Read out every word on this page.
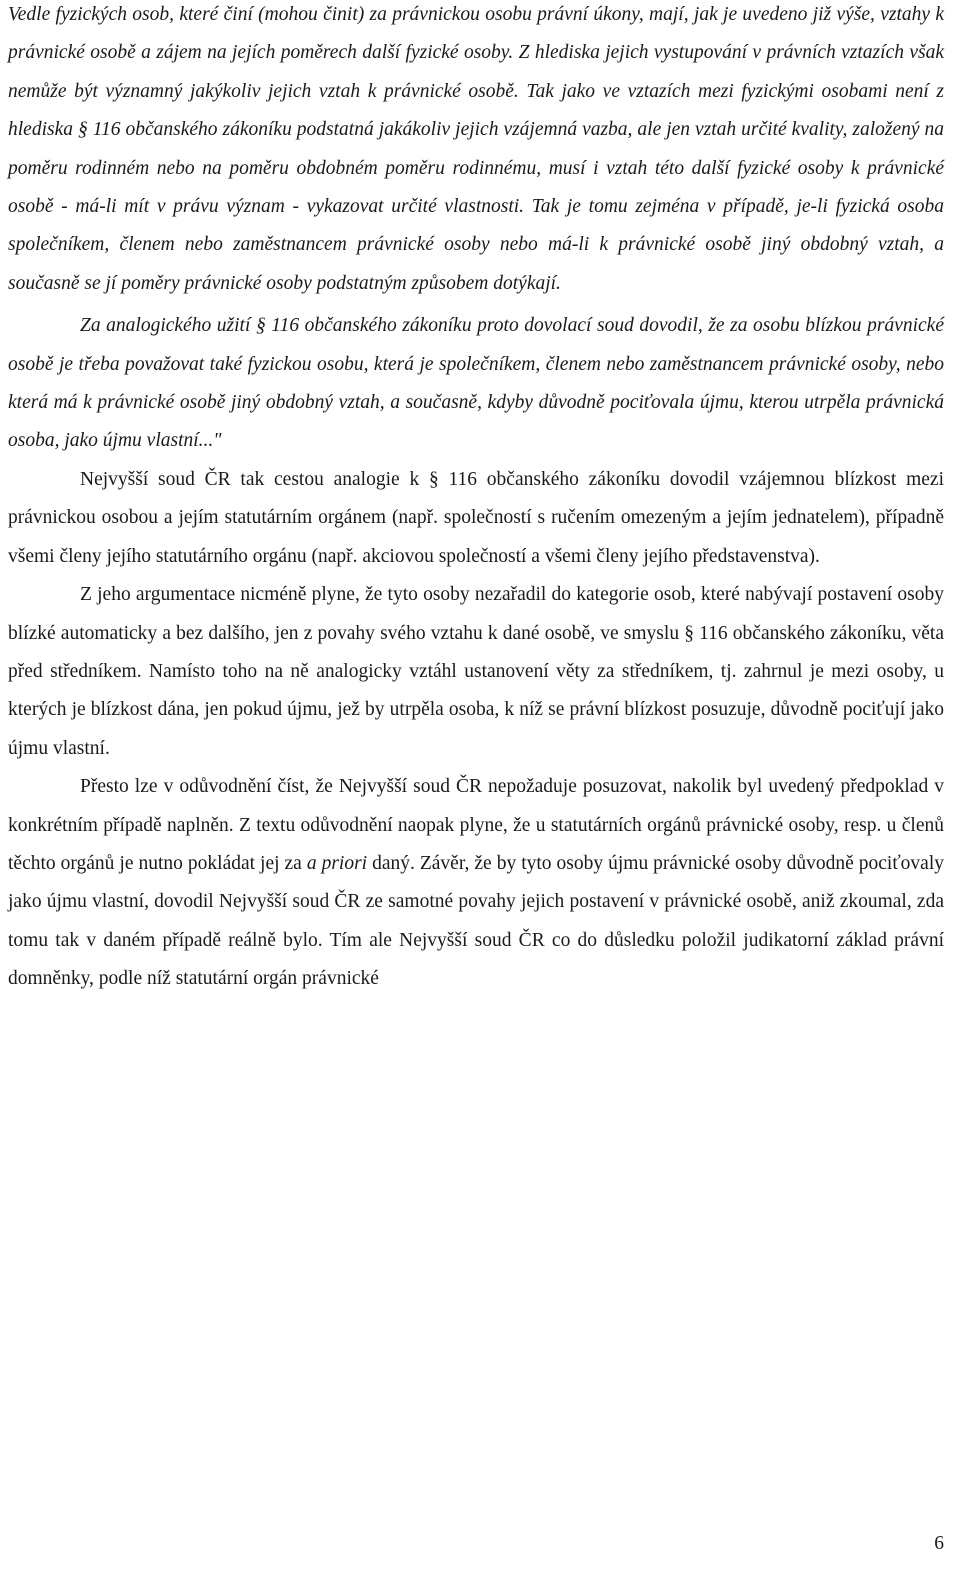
Vedle fyzických osob, které činí (mohou činit) za právnickou osobu právní úkony, mají, jak je uvedeno již výše, vztahy k právnické osobě a zájem na jejích poměrech další fyzické osoby. Z hlediska jejich vystupování v právních vztazích však nemůže být významný jakýkoliv jejich vztah k právnické osobě. Tak jako ve vztazích mezi fyzickými osobami není z hlediska § 116 občanského zákoníku podstatná jakákoliv jejich vzájemná vazba, ale jen vztah určité kvality, založený na poměru rodinném nebo na poměru obdobném poměru rodinnému, musí i vztah této další fyzické osoby k právnické osobě - má-li mít v právu význam - vykazovat určité vlastnosti. Tak je tomu zejména v případě, je-li fyzická osoba společníkem, členem nebo zaměstnancem právnické osoby nebo má-li k právnické osobě jiný obdobný vztah, a současně se jí poměry právnické osoby podstatným způsobem dotýkají.

Za analogického užití § 116 občanského zákoníku proto dovolací soud dovodil, že za osobu blízkou právnické osobě je třeba považovat také fyzickou osobu, která je společníkem, členem nebo zaměstnancem právnické osoby, nebo která má k právnické osobě jiný obdobný vztah, a současně, kdyby důvodně pociťovala újmu, kterou utrpěla právnická osoba, jako újmu vlastní..."

Nejvyšší soud ČR tak cestou analogie k § 116 občanského zákoníku dovodil vzájemnou blízkost mezi právnickou osobou a jejím statutárním orgánem (např. společností s ručením omezeným a jejím jednatelem), případně všemi členy jejího statutárního orgánu (např. akciovou společností a všemi členy jejího představenstva).

Z jeho argumentace nicméně plyne, že tyto osoby nezařadil do kategorie osob, které nabývají postavení osoby blízké automaticky a bez dalšího, jen z povahy svého vztahu k dané osobě, ve smyslu § 116 občanského zákoníku, věta před středníkem. Namísto toho na ně analogicky vztáhl ustanovení věty za středníkem, tj. zahrnul je mezi osoby, u kterých je blízkost dána, jen pokud újmu, jež by utrpěla osoba, k níž se právní blízkost posuzuje, důvodně pociťují jako újmu vlastní.

Přesto lze v odůvodnění číst, že Nejvyšší soud ČR nepožaduje posuzovat, nakolik byl uvedený předpoklad v konkrétním případě naplněn. Z textu odůvodnění naopak plyne, že u statutárních orgánů právnické osoby, resp. u členů těchto orgánů je nutno pokládat jej za a priori daný. Závěr, že by tyto osoby újmu právnické osoby důvodně pociťovaly jako újmu vlastní, dovodil Nejvyšší soud ČR ze samotné povahy jejich postavení v právnické osobě, aniž zkoumal, zda tomu tak v daném případě reálně bylo. Tím ale Nejvyšší soud ČR co do důsledku položil judikatorní základ právní domněnky, podle níž statutární orgán právnické

6
